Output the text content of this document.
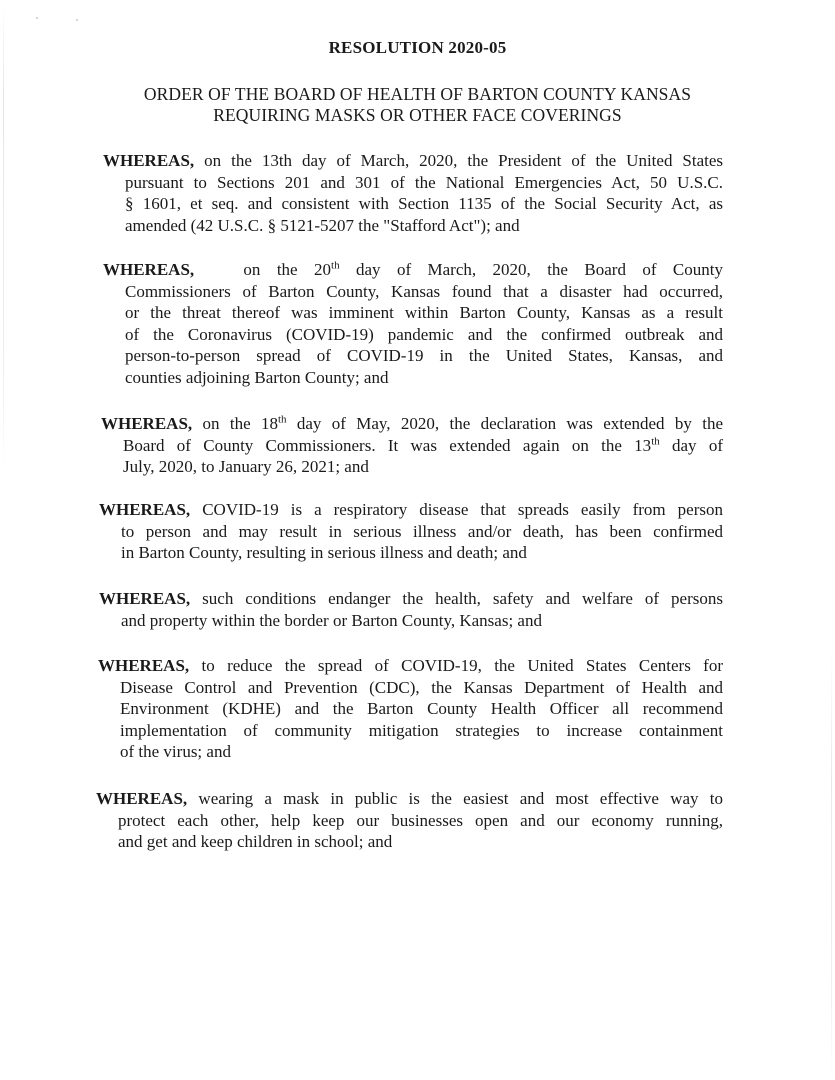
RESOLUTION 2020-05
ORDER OF THE BOARD OF HEALTH OF BARTON COUNTY KANSAS
REQUIRING MASKS OR OTHER FACE COVERINGS
WHEREAS, on the 13th day of March, 2020, the President of the United States
pursuant to Sections 201 and 301 of the National Emergencies Act, 50 U.S.C.
§ 1601, et seq. and consistent with Section 1135 of the Social Security Act, as
amended (42 U.S.C. § 5121-5207 the "Stafford Act"); and
WHEREAS,	on the 20th day of March, 2020, the Board of County
Commissioners of Barton County, Kansas found that a disaster had occurred,
or the threat thereof was imminent within Barton County, Kansas as a result
of the Coronavirus (COVID-19) pandemic and the confirmed outbreak and
person-to-person spread of COVID-19 in the United States, Kansas, and
counties adjoining Barton County; and
WHEREAS, on the 18th day of May, 2020, the declaration was extended by the
Board of County Commissioners. It was extended again on the 13th day of
July, 2020, to January 26, 2021; and
WHEREAS, COVID-19 is a respiratory disease that spreads easily from person
to person and may result in serious illness and/or death, has been confirmed
in Barton County, resulting in serious illness and death; and
WHEREAS, such conditions endanger the health, safety and welfare of persons
and property within the border or Barton County, Kansas; and
WHEREAS, to reduce the spread of COVID-19, the United States Centers for
Disease Control and Prevention (CDC), the Kansas Department of Health and
Environment (KDHE) and the Barton County Health Officer all recommend
implementation of community mitigation strategies to increase containment
of the virus; and
WHEREAS, wearing a mask in public is the easiest and most effective way to
protect each other, help keep our businesses open and our economy running,
and get and keep children in school; and
